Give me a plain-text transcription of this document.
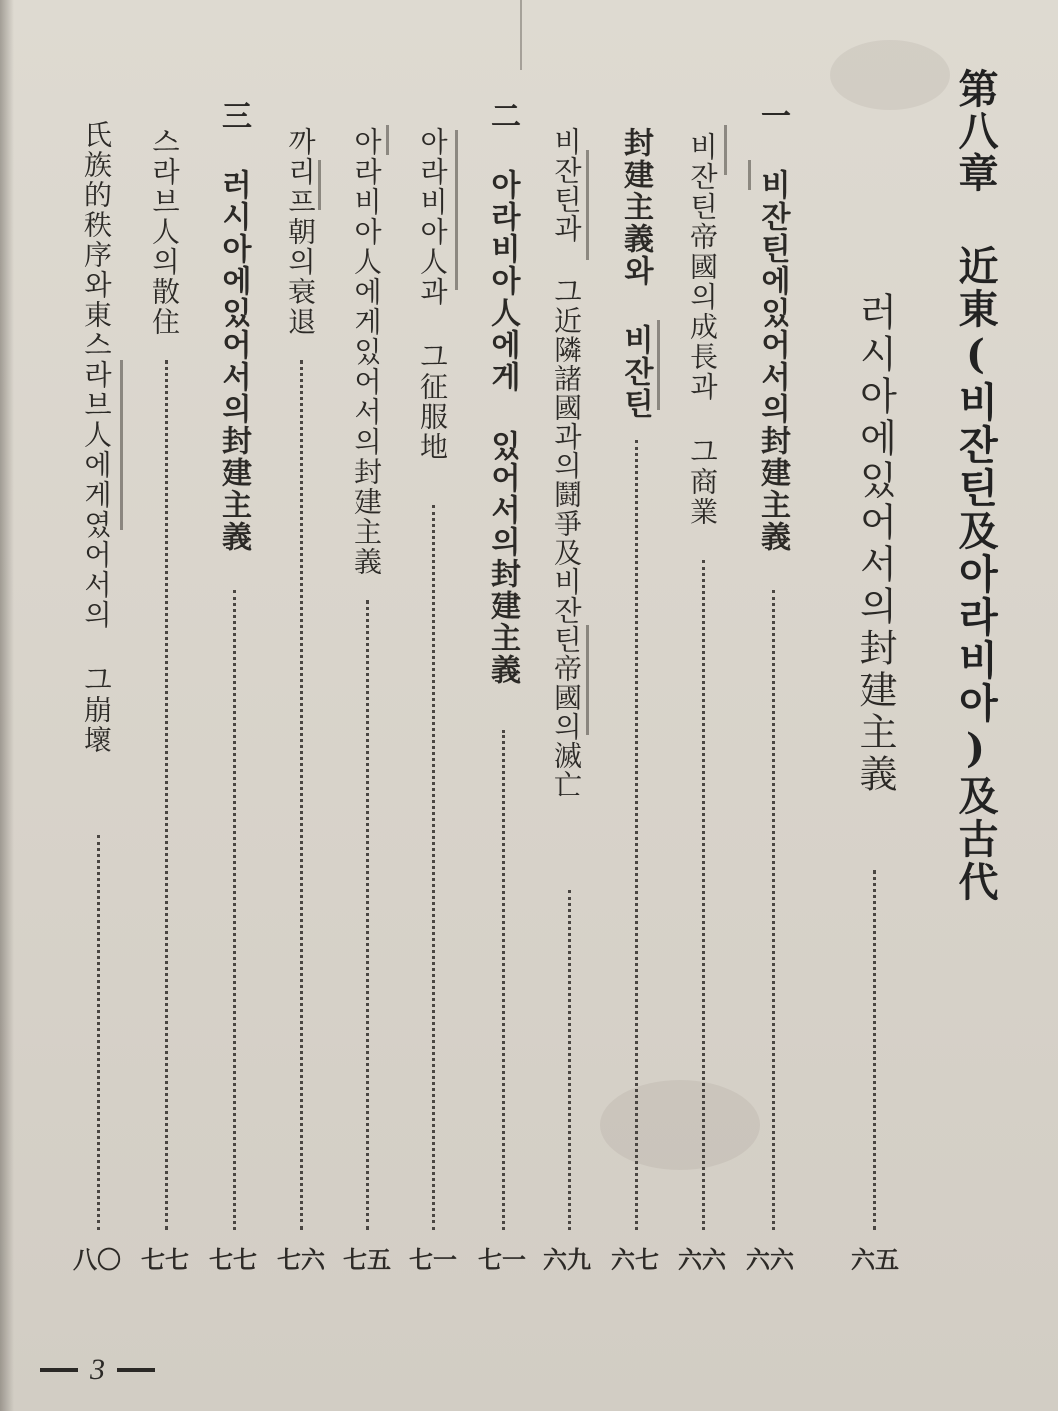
第八章
近東(비잔틴及아라비아)及古代
러시아에있어서의封建主義
六五
一 비잔틴에있어서의封建主義
六六
비잔틴帝國의成長과 그商業
六六
封建主義와 비잔틴
六七
비잔틴과 그近隣諸國과의鬪爭及비잔틴帝國의滅亡
六九
二 아라비아人에게 있어서의封建主義
七一
아라비아人과 그征服地
七一
아라비아人에게있어서의封建主義
七五
까리프朝의衰退
七六
三 러시아에있어서의封建主義
七七
스라브人의散住
七七
氏族的秩序와東스라브人에게였어서의 그崩壞
八〇
3
